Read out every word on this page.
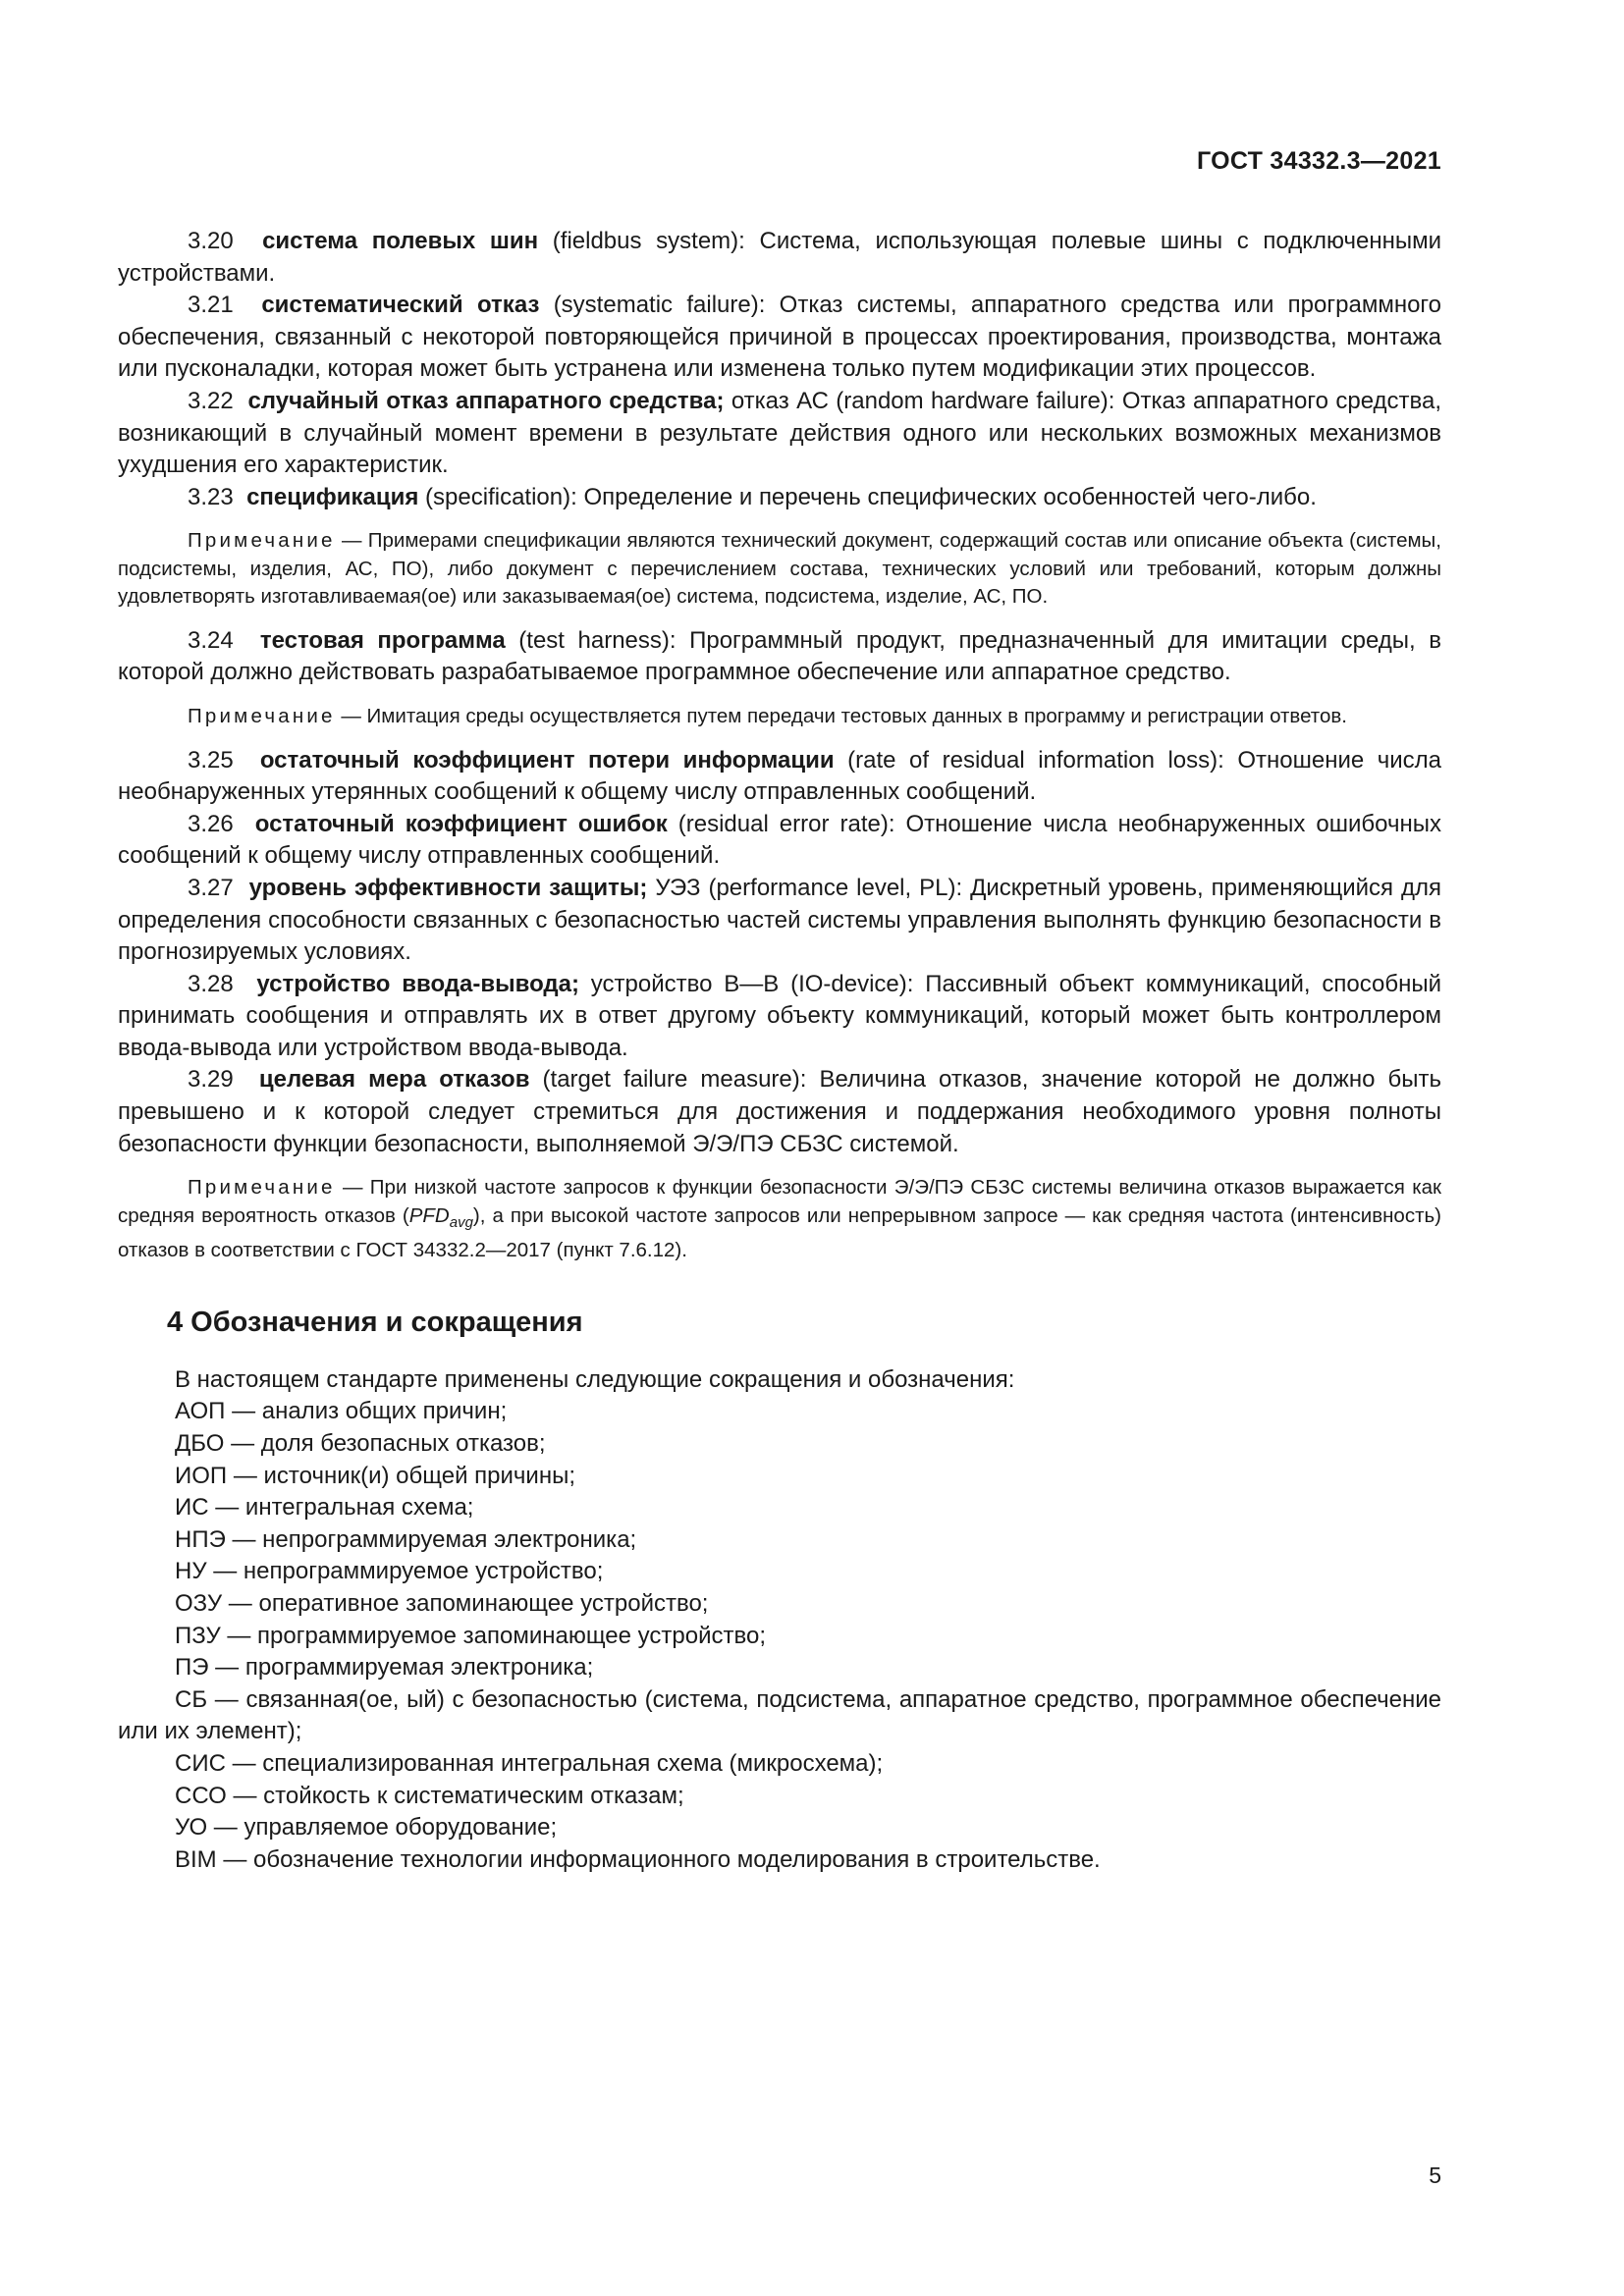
ГОСТ 34332.3—2021

3.20 система полевых шин (fieldbus system): Система, использующая полевые шины с подключенными устройствами.

3.21 систематический отказ (systematic failure): Отказ системы, аппаратного средства или программного обеспечения, связанный с некоторой повторяющейся причиной в процессах проектирования, производства, монтажа или пусконаладки, которая может быть устранена или изменена только путем модификации этих процессов.

3.22 случайный отказ аппаратного средства; отказ АС (random hardware failure): Отказ аппаратного средства, возникающий в случайный момент времени в результате действия одного или нескольких возможных механизмов ухудшения его характеристик.

3.23 спецификация (specification): Определение и перечень специфических особенностей чего-либо.

Примечание — Примерами спецификации являются технический документ, содержащий состав или описание объекта (системы, подсистемы, изделия, АС, ПО), либо документ с перечислением состава, технических условий или требований, которым должны удовлетворять изготавливаемая(ое) или заказываемая(ое) система, подсистема, изделие, АС, ПО.

3.24 тестовая программа (test harness): Программный продукт, предназначенный для имитации среды, в которой должно действовать разрабатываемое программное обеспечение или аппаратное средство.

Примечание — Имитация среды осуществляется путем передачи тестовых данных в программу и регистрации ответов.

3.25 остаточный коэффициент потери информации (rate of residual information loss): Отношение числа необнаруженных утерянных сообщений к общему числу отправленных сообщений.

3.26 остаточный коэффициент ошибок (residual error rate): Отношение числа необнаруженных ошибочных сообщений к общему числу отправленных сообщений.

3.27 уровень эффективности защиты; УЭЗ (performance level, PL): Дискретный уровень, применяющийся для определения способности связанных с безопасностью частей системы управления выполнять функцию безопасности в прогнозируемых условиях.

3.28 устройство ввода-вывода; устройство В—В (IO-device): Пассивный объект коммуникаций, способный принимать сообщения и отправлять их в ответ другому объекту коммуникаций, который может быть контроллером ввода-вывода или устройством ввода-вывода.

3.29 целевая мера отказов (target failure measure): Величина отказов, значение которой не должно быть превышено и к которой следует стремиться для достижения и поддержания необходимого уровня полноты безопасности функции безопасности, выполняемой Э/Э/ПЭ СБЗС системой.

Примечание — При низкой частоте запросов к функции безопасности Э/Э/ПЭ СБЗС системы величина отказов выражается как средняя вероятность отказов $(PFD_{avg})$, а при высокой частоте запросов или непрерывном запросе — как средняя частота (интенсивность) отказов в соответствии с ГОСТ 34332.2—2017 (пункт 7.6.12).

4 Обозначения и сокращения

В настоящем стандарте применены следующие сокращения и обозначения:

АОП — анализ общих причин;

ДБО — доля безопасных отказов;

ИОП — источник(и) общей причины;

ИС — интегральная схема;

НПЭ — непрограммируемая электроника;

НУ — непрограммируемое устройство;

ОЗУ — оперативное запоминающее устройство;

ПЗУ — программируемое запоминающее устройство;

ПЭ — программируемая электроника;

СБ — связанная(ое, ый) с безопасностью (система, подсистема, аппаратное средство, программное обеспечение или их элемент);

СИС — специализированная интегральная схема (микросхема);

ССО — стойкость к систематическим отказам;

УО — управляемое оборудование;

BIM — обозначение технологии информационного моделирования в строительстве.

5
